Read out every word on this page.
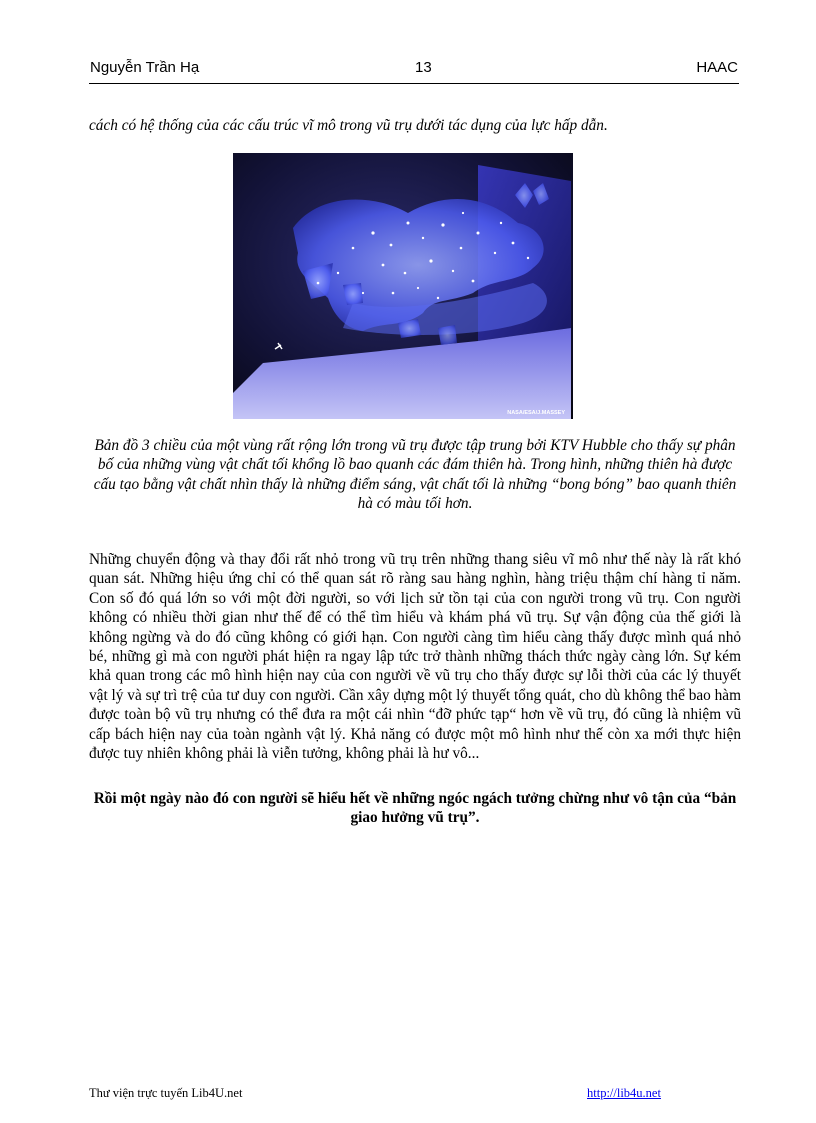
Nguyễn Trần Hạ	13	HAAC
cách có hệ thống của các cấu trúc vĩ mô trong vũ trụ dưới tác dụng của lực hấp dẫn.
NASA/ESA/J.MASSEY
Bản đồ 3 chiều của một vùng rất rộng lớn trong vũ trụ được tập trung bởi KTV Hubble cho thấy sự phân bố của những vùng vật chất tối khổng lồ bao quanh các đám thiên hà. Trong hình, những thiên hà được cấu tạo bằng vật chất nhìn thấy là những điểm sáng, vật chất tối là những “bong bóng” bao quanh thiên hà có màu tối hơn.
Những chuyển động và thay đổi rất nhỏ trong vũ trụ trên những thang siêu vĩ mô như thế này là rất khó quan sát. Những hiệu ứng chỉ có thể quan sát rõ ràng sau hàng nghìn, hàng triệu thậm chí hàng tỉ năm. Con số đó quá lớn so với một đời người, so với lịch sử tồn tại của con người trong vũ trụ. Con người không có nhiều thời gian như thế để có thể tìm hiểu và khám phá vũ trụ. Sự vận động của thế giới là không ngừng và do đó cũng không có giới hạn. Con người càng tìm hiểu càng thấy được mình quá nhỏ bé, những gì mà con người phát hiện ra ngay lập tức trở thành những thách thức ngày càng lớn. Sự kém khả quan trong các mô hình hiện nay của con người về vũ trụ cho thấy được sự lỗi thời của các lý thuyết vật lý và sự trì trệ của tư duy con người. Cần xây dựng một lý thuyết tổng quát, cho dù không thể bao hàm được toàn bộ vũ trụ nhưng có thể đưa ra một cái nhìn “đỡ phức tạp“ hơn về vũ trụ, đó cũng là nhiệm vũ cấp bách hiện nay của toàn ngành vật lý. Khả năng có được một mô hình như thế còn xa mới thực hiện được tuy nhiên không phải là viễn tưởng, không phải là hư vô...
Rồi một ngày nào đó con người sẽ hiểu hết về những ngóc ngách tưởng chừng như vô tận của “bản giao hưởng vũ trụ”.
Thư viện trực tuyến Lib4U.net	http://lib4u.net
